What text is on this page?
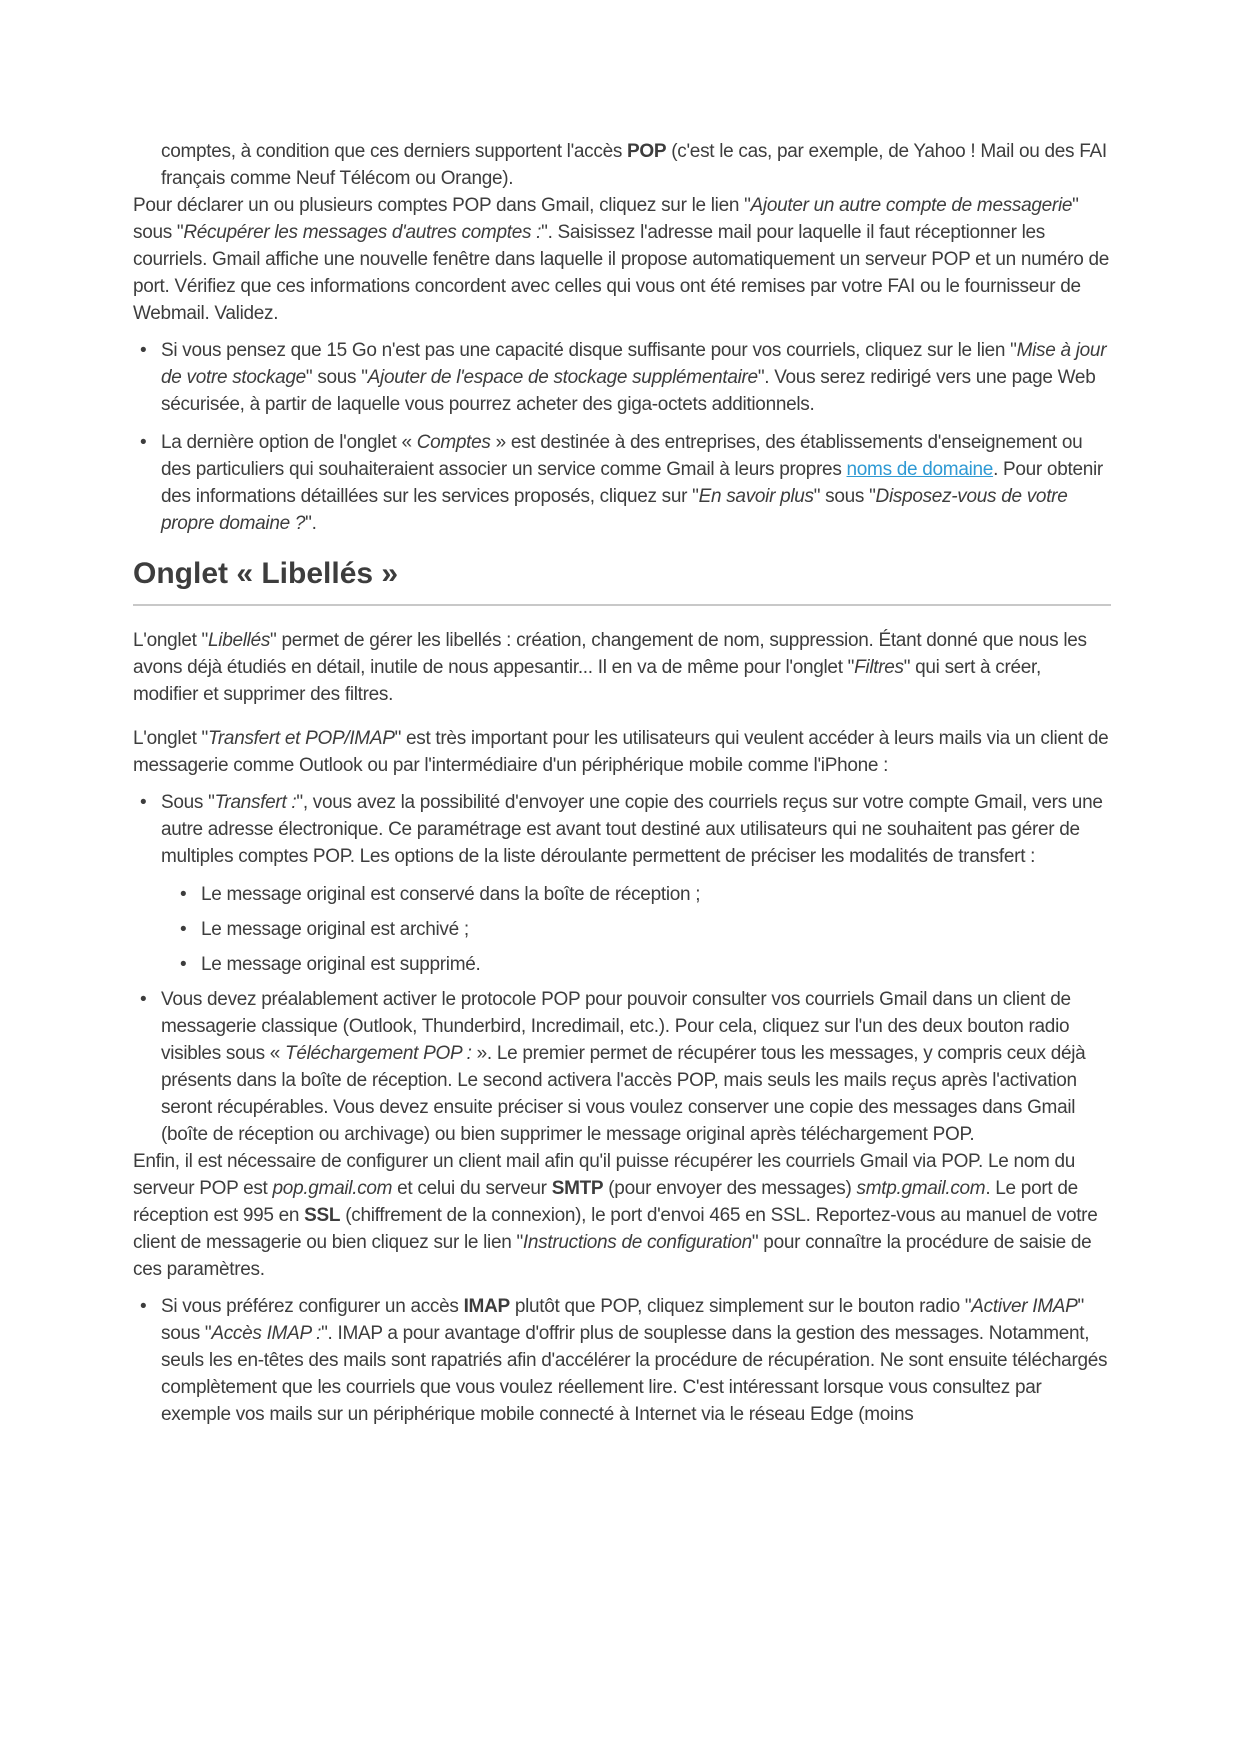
comptes, à condition que ces derniers supportent l'accès POP (c'est le cas, par exemple, de Yahoo ! Mail ou des FAI français comme Neuf Télécom ou Orange).

Pour déclarer un ou plusieurs comptes POP dans Gmail, cliquez sur le lien "Ajouter un autre compte de messagerie" sous "Récupérer les messages d'autres comptes :". Saisissez l'adresse mail pour laquelle il faut réceptionner les courriels. Gmail affiche une nouvelle fenêtre dans laquelle il propose automatiquement un serveur POP et un numéro de port. Vérifiez que ces informations concordent avec celles qui vous ont été remises par votre FAI ou le fournisseur de Webmail. Validez.

• Si vous pensez que 15 Go n'est pas une capacité disque suffisante pour vos courriels, cliquez sur le lien "Mise à jour de votre stockage" sous "Ajouter de l'espace de stockage supplémentaire". Vous serez redirigé vers une page Web sécurisée, à partir de laquelle vous pourrez acheter des giga-octets additionnels.
• La dernière option de l'onglet « Comptes » est destinée à des entreprises, des établissements d'enseignement ou des particuliers qui souhaiteraient associer un service comme Gmail à leurs propres noms de domaine. Pour obtenir des informations détaillées sur les services proposés, cliquez sur "En savoir plus" sous "Disposez-vous de votre propre domaine ?".
Onglet « Libellés »

L'onglet "Libellés" permet de gérer les libellés : création, changement de nom, suppression. Étant donné que nous les avons déjà étudiés en détail, inutile de nous appesantir... Il en va de même pour l'onglet "Filtres" qui sert à créer, modifier et supprimer des filtres.

L'onglet "Transfert et POP/IMAP" est très important pour les utilisateurs qui veulent accéder à leurs mails via un client de messagerie comme Outlook ou par l'intermédiaire d'un périphérique mobile comme l'iPhone :

• Sous "Transfert :", vous avez la possibilité d'envoyer une copie des courriels reçus sur votre compte Gmail, vers une autre adresse électronique. Ce paramétrage est avant tout destiné aux utilisateurs qui ne souhaitent pas gérer de multiples comptes POP. Les options de la liste déroulante permettent de préciser les modalités de transfert :
• Le message original est conservé dans la boîte de réception ;
• Le message original est archivé ;
• Le message original est supprimé.
• Vous devez préalablement activer le protocole POP pour pouvoir consulter vos courriels Gmail dans un client de messagerie classique (Outlook, Thunderbird, Incredimail, etc.). Pour cela, cliquez sur l'un des deux bouton radio visibles sous « Téléchargement POP : ». Le premier permet de récupérer tous les messages, y compris ceux déjà présents dans la boîte de réception. Le second activera l'accès POP, mais seuls les mails reçus après l'activation seront récupérables. Vous devez ensuite préciser si vous voulez conserver une copie des messages dans Gmail (boîte de réception ou archivage) ou bien supprimer le message original après téléchargement POP.

Enfin, il est nécessaire de configurer un client mail afin qu'il puisse récupérer les courriels Gmail via POP. Le nom du serveur POP est pop.gmail.com et celui du serveur SMTP (pour envoyer des messages) smtp.gmail.com. Le port de réception est 995 en SSL (chiffrement de la connexion), le port d'envoi 465 en SSL. Reportez-vous au manuel de votre client de messagerie ou bien cliquez sur le lien "Instructions de configuration" pour connaître la procédure de saisie de ces paramètres.

• Si vous préférez configurer un accès IMAP plutôt que POP, cliquez simplement sur le bouton radio "Activer IMAP" sous "Accès IMAP :". IMAP a pour avantage d'offrir plus de souplesse dans la gestion des messages. Notamment, seuls les en-têtes des mails sont rapatriés afin d'accélérer la procédure de récupération. Ne sont ensuite téléchargés complètement que les courriels que vous voulez réellement lire. C'est intéressant lorsque vous consultez par exemple vos mails sur un périphérique mobile connecté à Internet via le réseau Edge (moins
